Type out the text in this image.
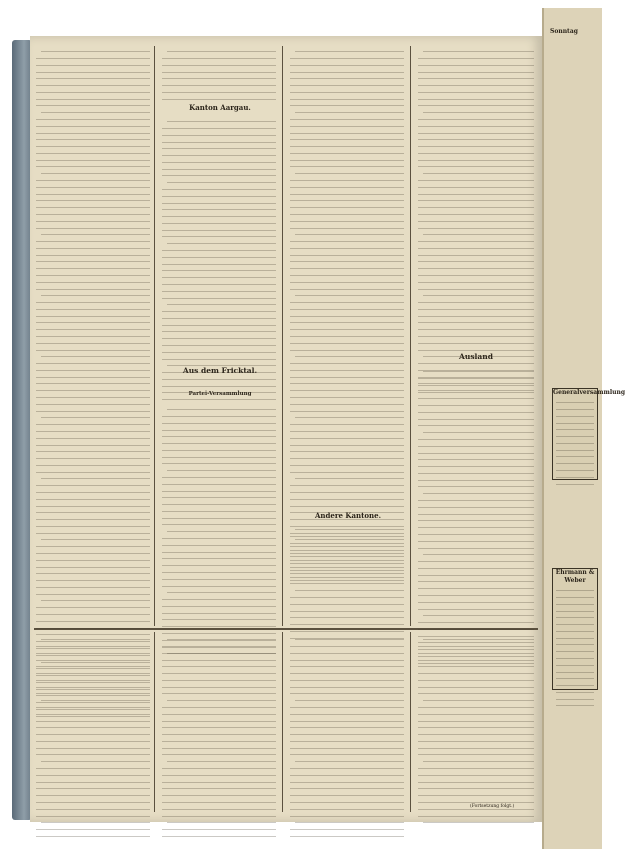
Kanton Aargau.
Aus dem Fricktal.
Partei-Versammlung
Andere Kantone.
Ausland
(Fortsetzung folgt.)
Sonntag
Generalversammlung
Ehrmann & Weber
